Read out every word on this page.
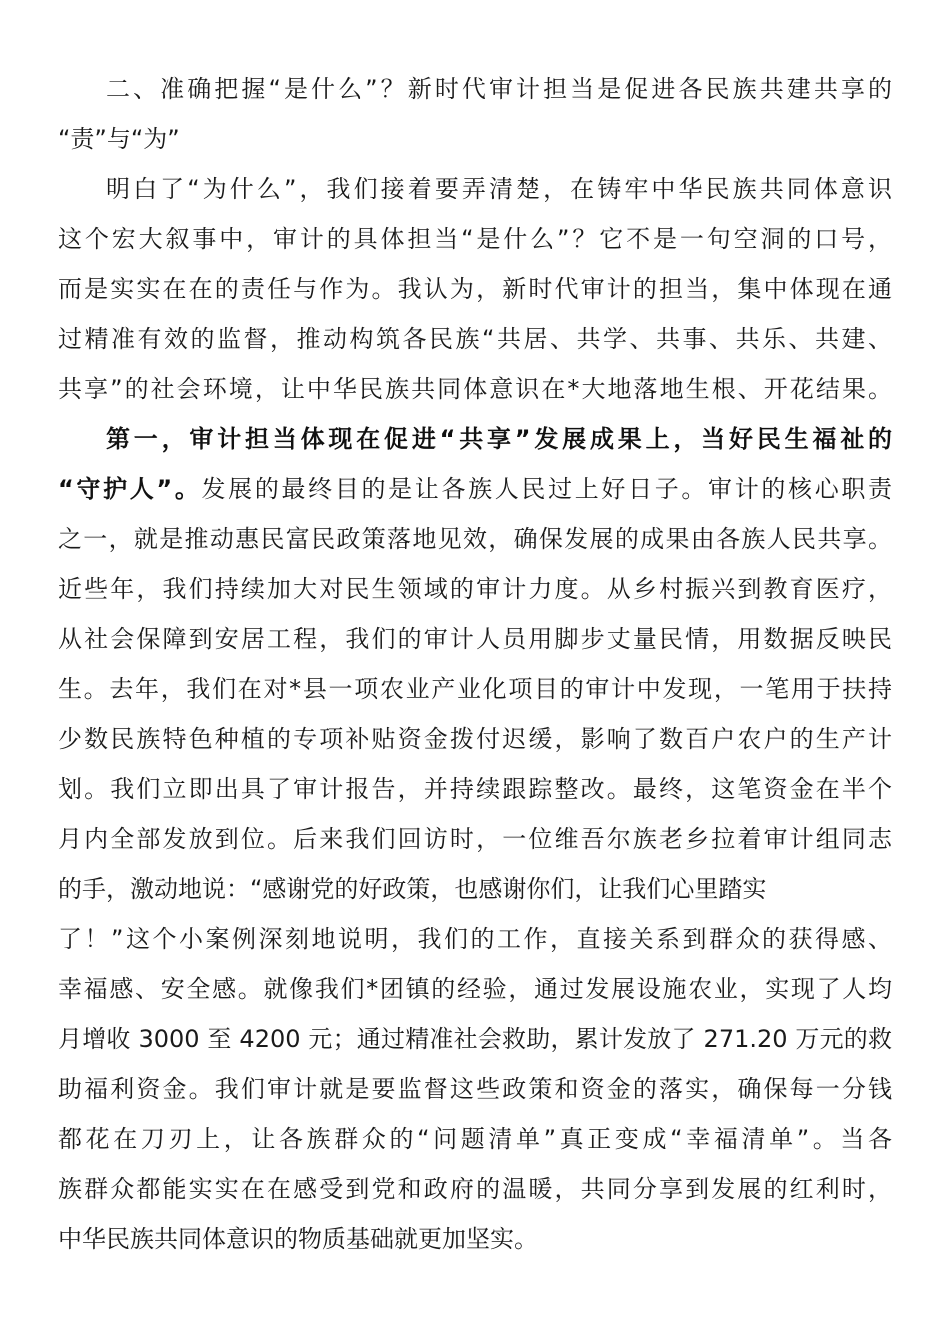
二、准确把握“是什么”？新时代审计担当是促进各民族共建共享的
“责”与“为”
明白了“为什么”，我们接着要弄清楚，在铸牢中华民族共同体意识
这个宏大叙事中，审计的具体担当“是什么”？它不是一句空洞的口号，
而是实实在在的责任与作为。我认为，新时代审计的担当，集中体现在通
过精准有效的监督，推动构筑各民族“共居、共学、共事、共乐、共建、
共享”的社会环境，让中华民族共同体意识在*大地落地生根、开花结果。
第一，审计担当体现在促进“共享”发展成果上，当好民生福祉的
“守护人”。发展的最终目的是让各族人民过上好日子。审计的核心职责
之一，就是推动惠民富民政策落地见效，确保发展的成果由各族人民共享。
近些年，我们持续加大对民生领域的审计力度。从乡村振兴到教育医疗，
从社会保障到安居工程，我们的审计人员用脚步丈量民情，用数据反映民
生。去年，我们在对*县一项农业产业化项目的审计中发现，一笔用于扶持
少数民族特色种植的专项补贴资金拨付迟缓，影响了数百户农户的生产计
划。我们立即出具了审计报告，并持续跟踪整改。最终，这笔资金在半个
月内全部发放到位。后来我们回访时，一位维吾尔族老乡拉着审计组同志
的手，激动地说：“感谢党的好政策，也感谢你们，让我们心里踏实
了！”这个小案例深刻地说明，我们的工作，直接关系到群众的获得感、
幸福感、安全感。就像我们*团镇的经验，通过发展设施农业，实现了人均
月增收 3000 至 4200 元；通过精准社会救助，累计发放了 271.20 万元的救
助福利资金。我们审计就是要监督这些政策和资金的落实，确保每一分钱
都花在刀刃上，让各族群众的“问题清单”真正变成“幸福清单”。当各
族群众都能实实在在感受到党和政府的温暖，共同分享到发展的红利时，
中华民族共同体意识的物质基础就更加坚实。
